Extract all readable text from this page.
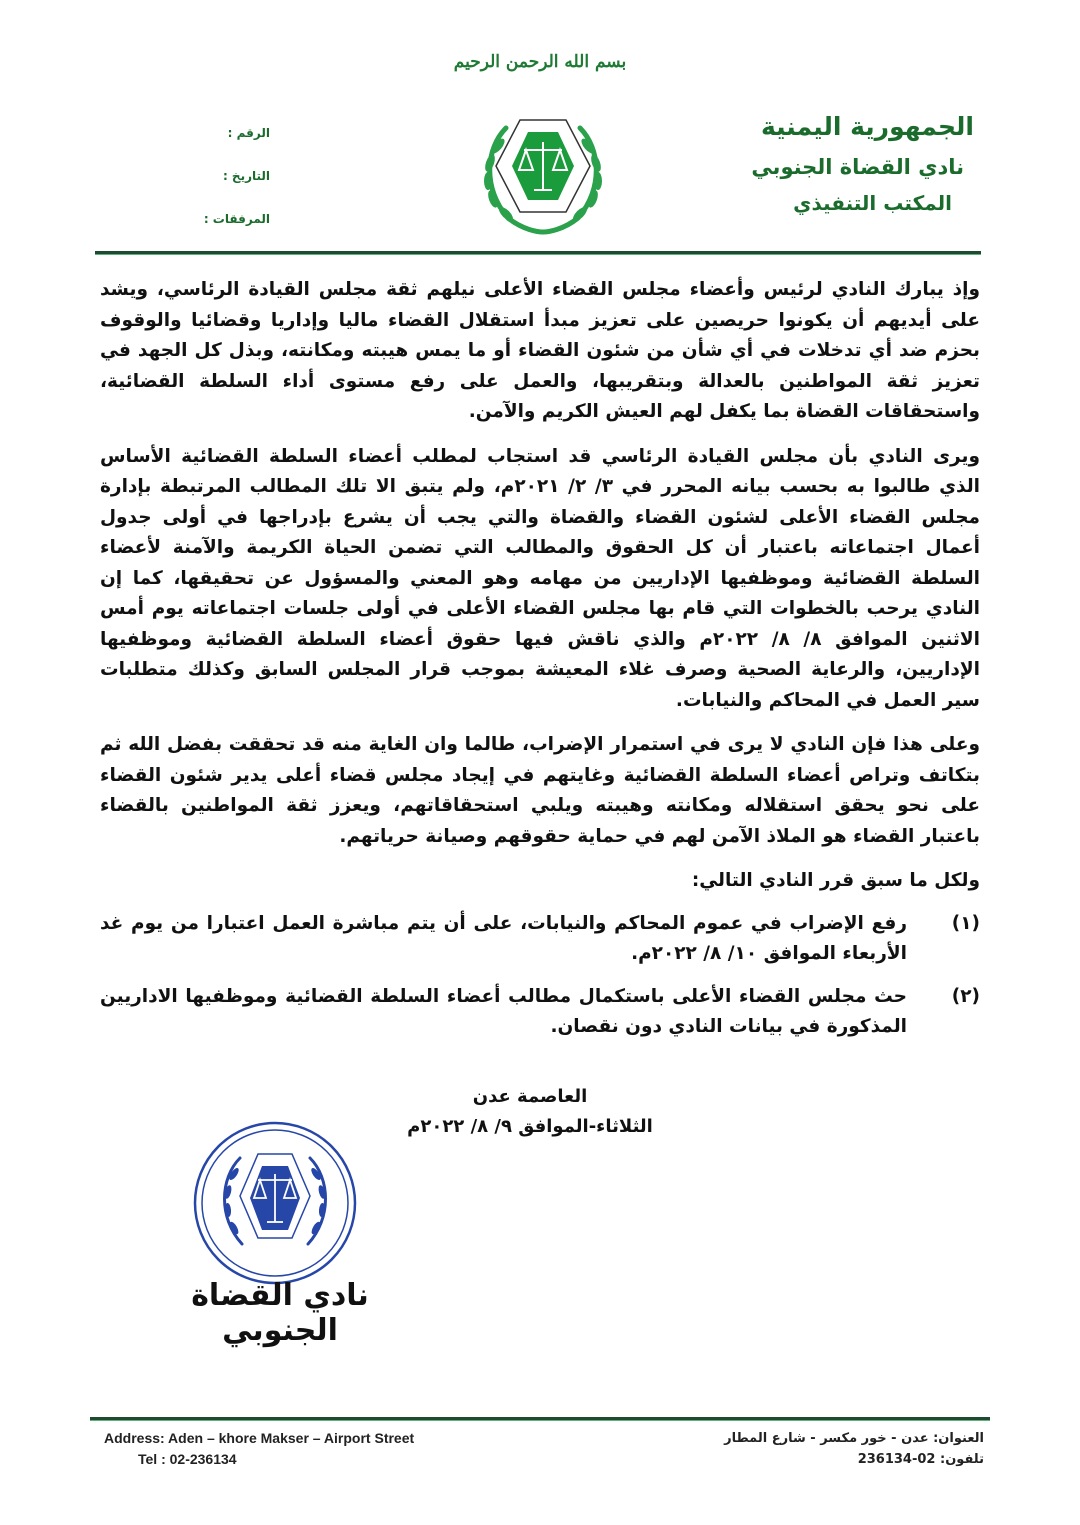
بسم الله الرحمن الرحيم
الجمهورية اليمنية
نادي القضاة الجنوبي
المكتب التنفيذي
الرقم :
التاريخ :
المرفقات :

وإذ يبارك النادي لرئيس وأعضاء مجلس القضاء الأعلى نيلهم ثقة مجلس القيادة الرئاسي، ويشد على أيديهم أن يكونوا حريصين على تعزيز مبدأ استقلال القضاء ماليا وإداريا وقضائيا والوقوف بحزم ضد أي تدخلات في أي شأن من شئون القضاء أو ما يمس هيبته ومكانته، وبذل كل الجهد في تعزيز ثقة المواطنين بالعدالة وبتقريبها، والعمل على رفع مستوى أداء السلطة القضائية، واستحقاقات القضاة بما يكفل لهم العيش الكريم والآمن.

ويرى النادي بأن مجلس القيادة الرئاسي قد استجاب لمطلب أعضاء السلطة القضائية الأساس الذي طالبوا به بحسب بيانه المحرر في ٣/ ٢/ ٢٠٢١م، ولم يتبق الا تلك المطالب المرتبطة بإدارة مجلس القضاء الأعلى لشئون القضاء والقضاة والتي يجب أن يشرع بإدراجها في أولى جدول أعمال اجتماعاته باعتبار أن كل الحقوق والمطالب التي تضمن الحياة الكريمة والآمنة لأعضاء السلطة القضائية وموظفيها الإداريين من مهامه وهو المعني والمسؤول عن تحقيقها، كما إن النادي يرحب بالخطوات التي قام بها مجلس القضاء الأعلى في أولى جلسات اجتماعاته يوم أمس الاثنين الموافق ٨/ ٨/ ٢٠٢٢م والذي ناقش فيها حقوق أعضاء السلطة القضائية وموظفيها الإداريين، والرعاية الصحية وصرف غلاء المعيشة بموجب قرار المجلس السابق وكذلك متطلبات سير العمل في المحاكم والنيابات.

وعلى هذا فإن النادي لا يرى في استمرار الإضراب، طالما وان الغاية منه قد تحققت بفضل الله ثم بتكاتف وتراص أعضاء السلطة القضائية وغايتهم في إيجاد مجلس قضاء أعلى يدير شئون القضاء على نحو يحقق استقلاله ومكانته وهيبته ويلبي استحقاقاتهم، ويعزز ثقة المواطنين بالقضاء باعتبار القضاء هو الملاذ الآمن لهم في حماية حقوقهم وصيانة حرياتهم.

ولكل ما سبق قرر النادي التالي:

(١)
رفع الإضراب في عموم المحاكم والنيابات، على أن يتم مباشرة العمل اعتبارا من يوم غد الأربعاء الموافق ١٠/ ٨/ ٢٠٢٢م.
(٢)
حث مجلس القضاء الأعلى باستكمال مطالب أعضاء السلطة القضائية وموظفيها الاداريين المذكورة في بيانات النادي دون نقصان.
العاصمة عدن
الثلاثاء-الموافق ٩/ ٨/ ٢٠٢٢م
نادي القضاة الجنوبي
Address: Aden – khore Makser – Airport Street
Tel : 02-236134
العنوان: عدن - خور مكسر - شارع المطار
تلفون: 02-236134
